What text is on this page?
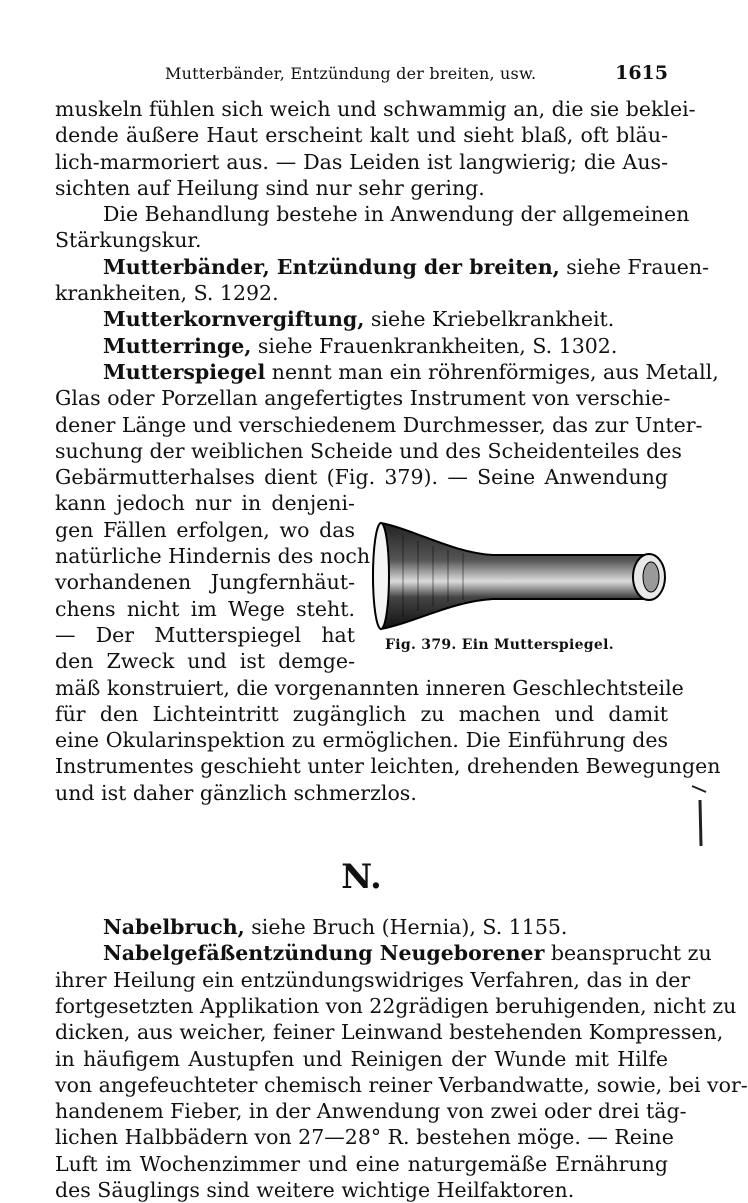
Mutterbänder, Entzündung der breiten, usw.	1615
muskeln fühlen sich weich und schwammig an, die sie beklei-
dende äußere Haut erscheint kalt und sieht blaß, oft bläu-
lich-marmoriert aus. — Das Leiden ist langwierig; die Aus-
sichten auf Heilung sind nur sehr gering.
Die Behandlung bestehe in Anwendung der allgemeinen
Stärkungskur.
Mutterbänder, Entzündung der breiten, siehe Frauen-
krankheiten, S. 1292.
Mutterkornvergiftung, siehe Kriebelkrankheit.
Mutterringe, siehe Frauenkrankheiten, S. 1302.
Mutterspiegel nennt man ein röhrenförmiges, aus Metall,
Glas oder Porzellan angefertigtes Instrument von verschie-
dener Länge und verschiedenem Durchmesser, das zur Unter-
suchung der weiblichen Scheide und des Scheidenteiles des
Gebärmutterhalses dient (Fig. 379). — Seine Anwendung
kann jedoch nur in denjeni-
gen Fällen erfolgen, wo das
natürliche Hindernis des noch
vorhandenen Jungfernhäut-
chens nicht im Wege steht.
— Der Mutterspiegel hat
den Zweck und ist demge-
mäß konstruiert, die vorgenannten inneren Geschlechtsteile
für den Lichteintritt zugänglich zu machen und damit
eine Okularinspektion zu ermöglichen. Die Einführung des
Instrumentes geschieht unter leichten, drehenden Bewegungen
und ist daher gänzlich schmerzlos.
N.
Nabelbruch, siehe Bruch (Hernia), S. 1155.
Nabelgefäßentzündung Neugeborener beansprucht zu
ihrer Heilung ein entzündungswidriges Verfahren, das in der
fortgesetzten Applikation von 22grädigen beruhigenden, nicht zu
dicken, aus weicher, feiner Leinwand bestehenden Kompressen,
in häufigem Austupfen und Reinigen der Wunde mit Hilfe
von angefeuchteter chemisch reiner Verbandwatte, sowie, bei vor-
handenem Fieber, in der Anwendung von zwei oder drei täg-
lichen Halbbädern von 27—28° R. bestehen möge. — Reine
Luft im Wochenzimmer und eine naturgemäße Ernährung
des Säuglings sind weitere wichtige Heilfaktoren.
Fig. 379. Ein Mutterspiegel.
